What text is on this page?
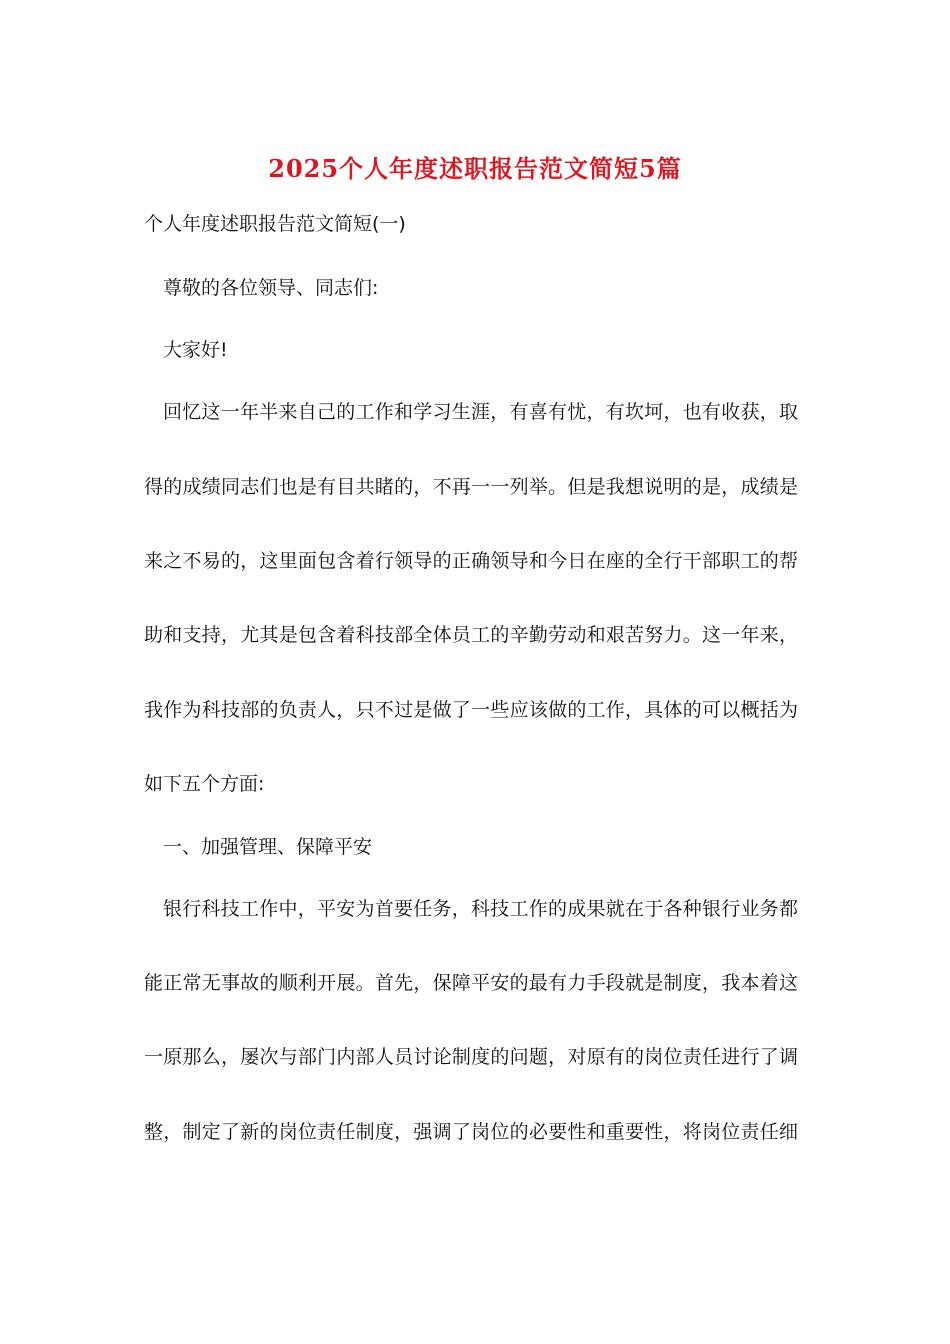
2025个人年度述职报告范文简短5篇
个人年度述职报告范文简短(一)
尊敬的各位领导、同志们:
大家好!
回忆这一年半来自己的工作和学习生涯，有喜有忧，有坎坷，也有收获，取
得的成绩同志们也是有目共睹的，不再一一列举。但是我想说明的是，成绩是
来之不易的，这里面包含着行领导的正确领导和今日在座的全行干部职工的帮
助和支持，尤其是包含着科技部全体员工的辛勤劳动和艰苦努力。这一年来，
我作为科技部的负责人，只不过是做了一些应该做的工作，具体的可以概括为
如下五个方面:
一、加强管理、保障平安
银行科技工作中，平安为首要任务，科技工作的成果就在于各种银行业务都
能正常无事故的顺利开展。首先，保障平安的最有力手段就是制度，我本着这
一原那么，屡次与部门内部人员讨论制度的问题，对原有的岗位责任进行了调
整，制定了新的岗位责任制度，强调了岗位的必要性和重要性，将岗位责任细
